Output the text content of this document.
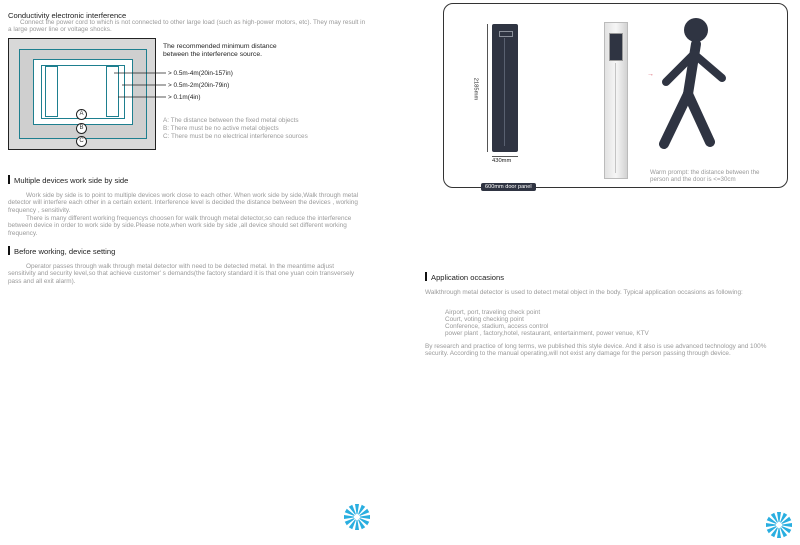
Conductivity electronic interference
Connect the power cord to which is not connected to other large load (such as high-power motors, etc). They may result in a large power line or voltage shocks.
A
B
C
The recommended minimum distance between the interference source.
> 0.5m-4m(20in-157in)
> 0.5m-2m(20in-79in)
> 0.1m(4in)
A: The distance between the fixed metal objects
B: There must be no active metal objects
C: There must be no electrical interference sources
Multiple devices work side by side
Work side by side is to point to multiple devices work close to each other. When work side by side,Walk through metal detector will interfere each other in a certain extent. Interference level is decided the distance between the devices , working frequency , sensitivity.
There is many different working frequencys choosen for walk through metal detector,so can reduce the interference between device in order to work side by side.Please note,when work side by side ,all device should set different working frequency.
Before working, device setting
Operator passes through walk through metal detector with need to be detected metal. In the meantime adjust sensitivity and security level,so that achieve customer' s demands(the factory standard it is that one yuan coin transversely pass and all exit alarm).
2185mm
430mm
→
Warm prompt: the distance between the person and the door is <=30cm
600mm door panel
Application occasions
Walkthrough metal detector is used to detect metal object in the body. Typical application occasions as following:
Airport, port, traveling check point
Court, voting checking point
Conference, stadium, access control
power plant , factory,hotel, restaurant, entertainment, power venue, KTV
By research and practice of long terms, we published this style device. And it also is use advanced technology and 100% security. According to the manual operating,will not exist any damage for the person passing through device.
